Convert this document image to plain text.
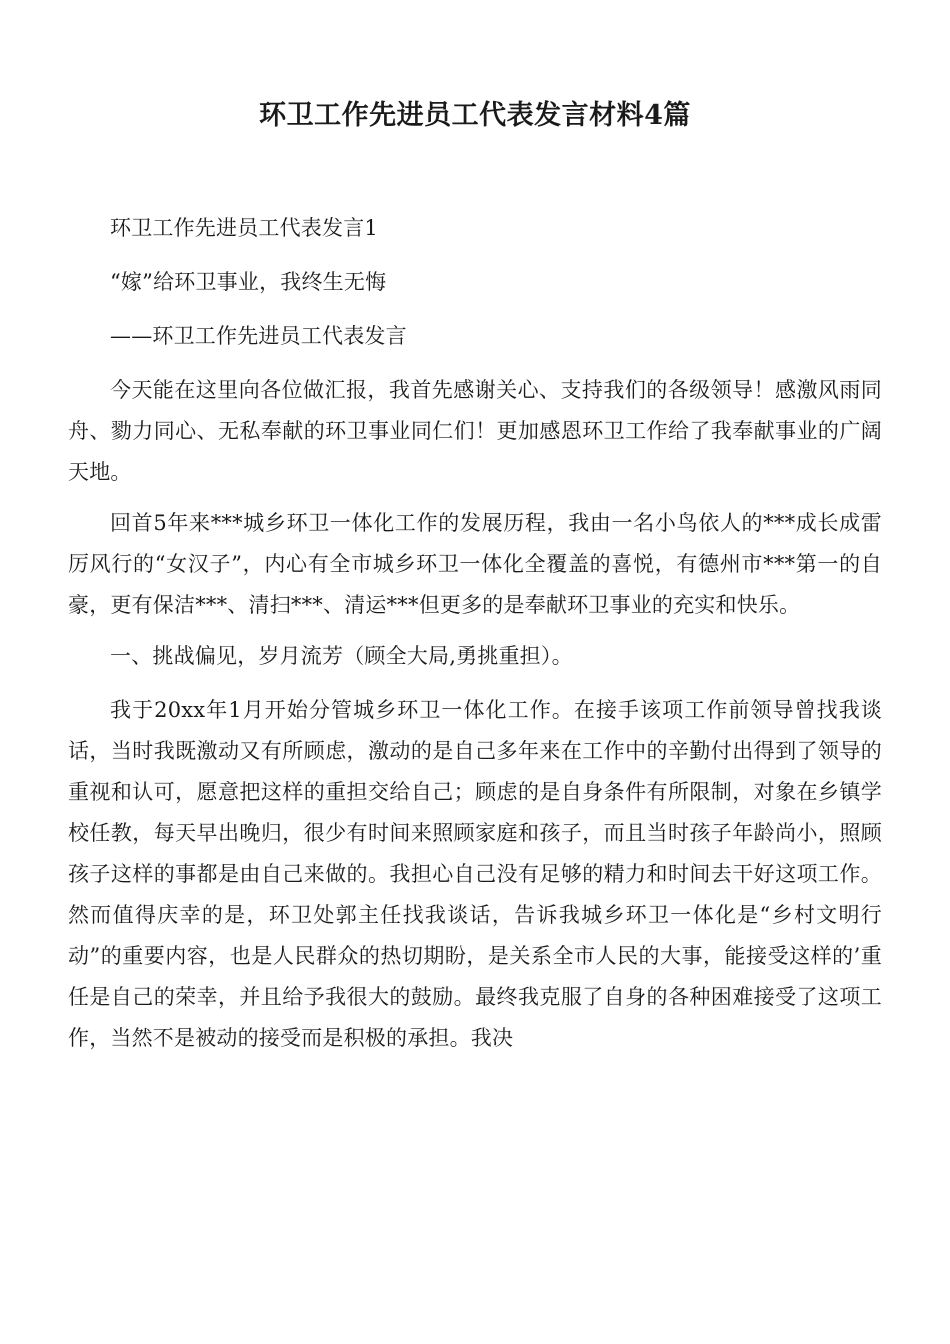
环卫工作先进员工代表发言材料4篇

环卫工作先进员工代表发言1

“嫁”给环卫事业，我终生无悔

——环卫工作先进员工代表发言

今天能在这里向各位做汇报，我首先感谢关心、支持我们的各级领导！感激风雨同舟、勠力同心、无私奉献的环卫事业同仁们！更加感恩环卫工作给了我奉献事业的广阔天地。

回首5年来***城乡环卫一体化工作的发展历程，我由一名小鸟依人的***成长成雷厉风行的“女汉子”，内心有全市城乡环卫一体化全覆盖的喜悦，有德州市***第一的自豪，更有保洁***、清扫***、清运***但更多的是奉献环卫事业的充实和快乐。

一、挑战偏见，岁月流芳（顾全大局,勇挑重担）。

我于20xx年1月开始分管城乡环卫一体化工作。在接手该项工作前领导曾找我谈话，当时我既激动又有所顾虑，激动的是自己多年来在工作中的辛勤付出得到了领导的重视和认可，愿意把这样的重担交给自己；顾虑的是自身条件有所限制，对象在乡镇学校任教，每天早出晚归，很少有时间来照顾家庭和孩子，而且当时孩子年龄尚小，照顾孩子这样的事都是由自己来做的。我担心自己没有足够的精力和时间去干好这项工作。然而值得庆幸的是，环卫处郭主任找我谈话，告诉我城乡环卫一体化是“乡村文明行动”的重要内容，也是人民群众的热切期盼，是关系全市人民的大事，能接受这样的’重任是自己的荣幸，并且给予我很大的鼓励。最终我克服了自身的各种困难接受了这项工作，当然不是被动的接受而是积极的承担。我决
